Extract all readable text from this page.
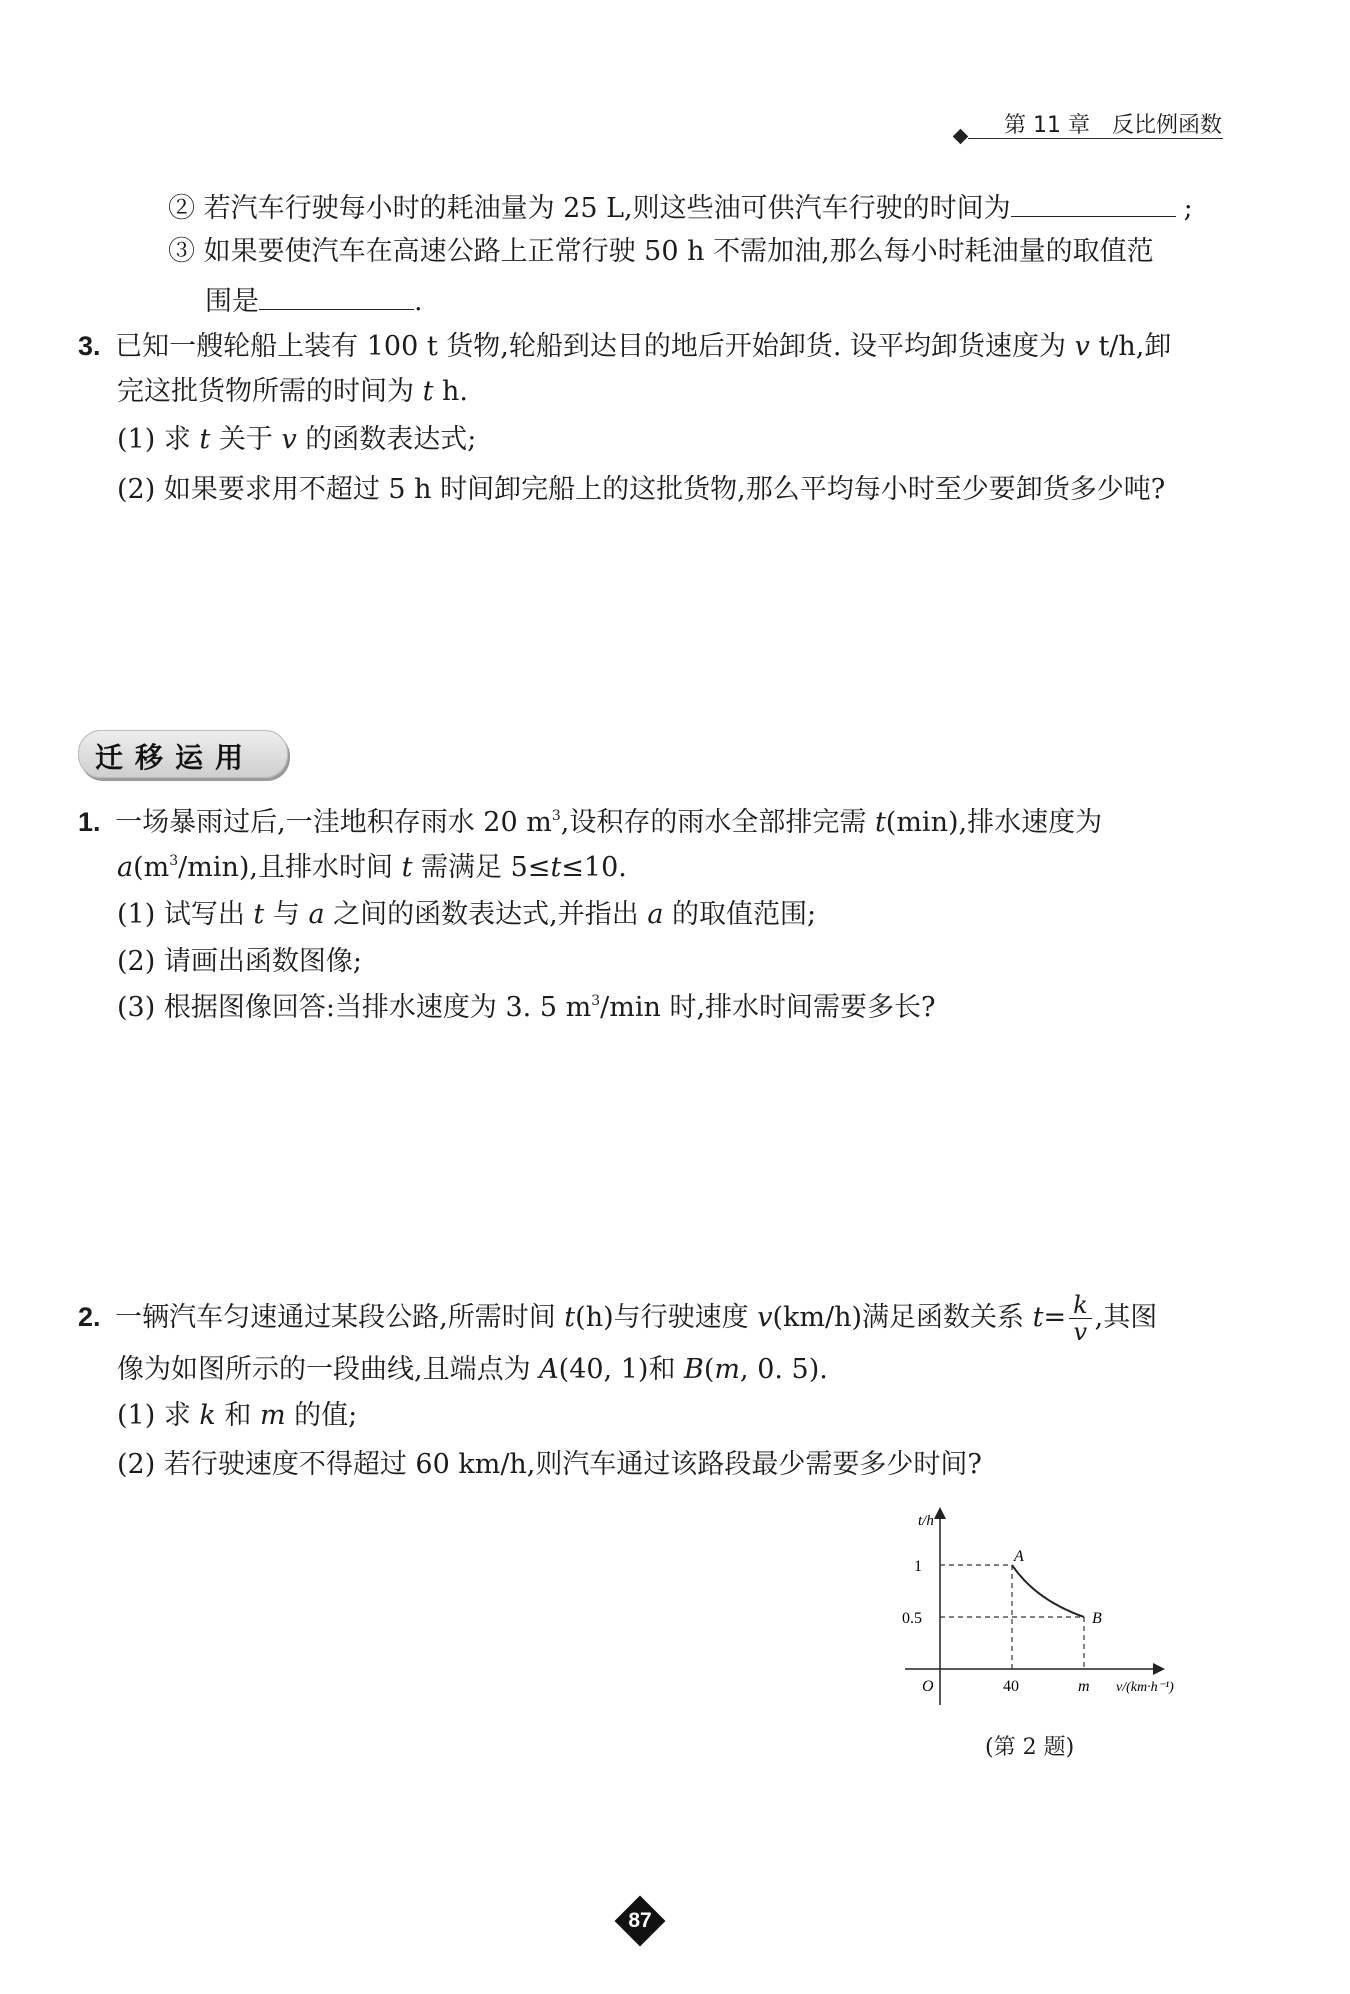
第 11 章 反比例函数
② 若汽车行驶每小时的耗油量为 25 L,则这些油可供汽车行驶的时间为	;
③ 如果要使汽车在高速公路上正常行驶 50 h 不需加油,那么每小时耗油量的取值范
围是	.
3. 已知一艘轮船上装有 100 t 货物,轮船到达目的地后开始卸货. 设平均卸货速度为 v t/h,卸
完这批货物所需的时间为 t h.
(1) 求 t 关于 v 的函数表达式;
(2) 如果要求用不超过 5 h 时间卸完船上的这批货物,那么平均每小时至少要卸货多少吨?
迁移运用
1. 一场暴雨过后,一洼地积存雨水 20 $m^3$,设积存的雨水全部排完需 t(min),排水速度为
$a(m^3/\min)$,且排水时间 t 需满足 5≤t≤10.
(1) 试写出 t 与 a 之间的函数表达式,并指出 a 的取值范围;
(2) 请画出函数图像;
(3) 根据图像回答:当排水速度为 3. 5 $m^3/\min$ 时,排水时间需要多长?
2. 一辆汽车匀速通过某段公路,所需时间 t(h)与行驶速度 v(km/h)满足函数关系 $t= \frac{k}{v}$ ,其图
像为如图所示的一段曲线,且端点为 A(40, 1)和 B(m, 0. 5).
(1) 求 k 和 m 的值;
(2) 若行驶速度不得超过 60 km/h,则汽车通过该路段最少需要多少时间?
t/h
O
A
B
1
0.5
40	m v/(km·h⁻¹)
(第 2 题)
87
